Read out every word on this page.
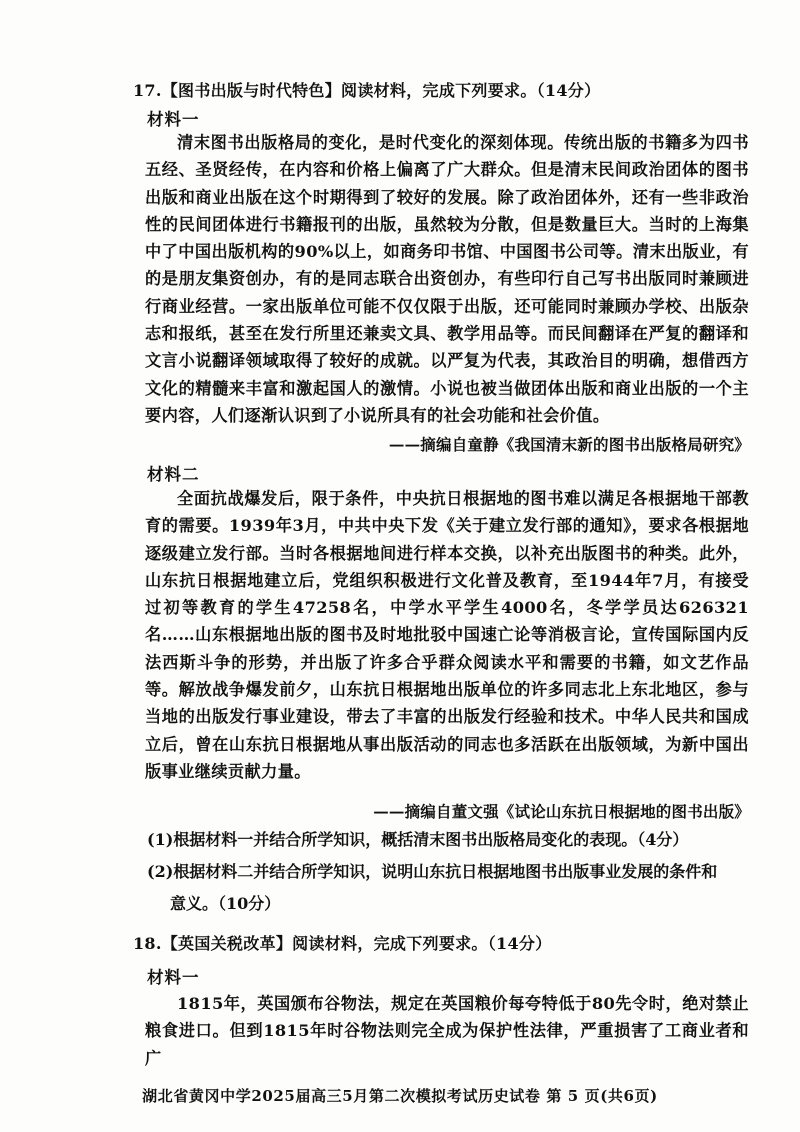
17.【图书出版与时代特色】阅读材料，完成下列要求。（14分）
材料一

清末图书出版格局的变化，是时代变化的深刻体现。传统出版的书籍多为四书五经、圣贤经传，在内容和价格上偏离了广大群众。但是清末民间政治团体的图书出版和商业出版在这个时期得到了较好的发展。除了政治团体外，还有一些非政治性的民间团体进行书籍报刊的出版，虽然较为分散，但是数量巨大。当时的上海集中了中国出版机构的90%以上，如商务印书馆、中国图书公司等。清末出版业，有的是朋友集资创办，有的是同志联合出资创办，有些印行自己写书出版同时兼顾进行商业经营。一家出版单位可能不仅仅限于出版，还可能同时兼顾办学校、出版杂志和报纸，甚至在发行所里还兼卖文具、教学用品等。而民间翻译在严复的翻译和文言小说翻译领域取得了较好的成就。以严复为代表，其政治目的明确，想借西方文化的精髓来丰富和激起国人的激情。小说也被当做团体出版和商业出版的一个主要内容，人们逐渐认识到了小说所具有的社会功能和社会价值。

——摘编自童静《我国清末新的图书出版格局研究》
材料二

全面抗战爆发后，限于条件，中央抗日根据地的图书难以满足各根据地干部教育的需要。1939年3月，中共中央下发《关于建立发行部的通知》，要求各根据地逐级建立发行部。当时各根据地间进行样本交换，以补充出版图书的种类。此外，山东抗日根据地建立后，党组织积极进行文化普及教育，至1944年7月，有接受过初等教育的学生47258名，中学水平学生4000名，冬学学员达626321名……山东根据地出版的图书及时地批驳中国速亡论等消极言论，宣传国际国内反法西斯斗争的形势，并出版了许多合乎群众阅读水平和需要的书籍，如文艺作品等。解放战争爆发前夕，山东抗日根据地出版单位的许多同志北上东北地区，参与当地的出版发行事业建设，带去了丰富的出版发行经验和技术。中华人民共和国成立后，曾在山东抗日根据地从事出版活动的同志也多活跃在出版领域，为新中国出版事业继续贡献力量。

——摘编自董文强《试论山东抗日根据地的图书出版》
(1)根据材料一并结合所学知识，概括清末图书出版格局变化的表现。（4分）
(2)根据材料二并结合所学知识，说明山东抗日根据地图书出版事业发展的条件和
意义。（10分）
18.【英国关税改革】阅读材料，完成下列要求。（14分）
材料一

1815年，英国颁布谷物法，规定在英国粮价每夸特低于80先令时，绝对禁止粮食进口。但到1815年时谷物法则完全成为保护性法律，严重损害了工商业者和广

湖北省黄冈中学2025届高三5月第二次模拟考试历史试卷 第 5 页(共6页)
